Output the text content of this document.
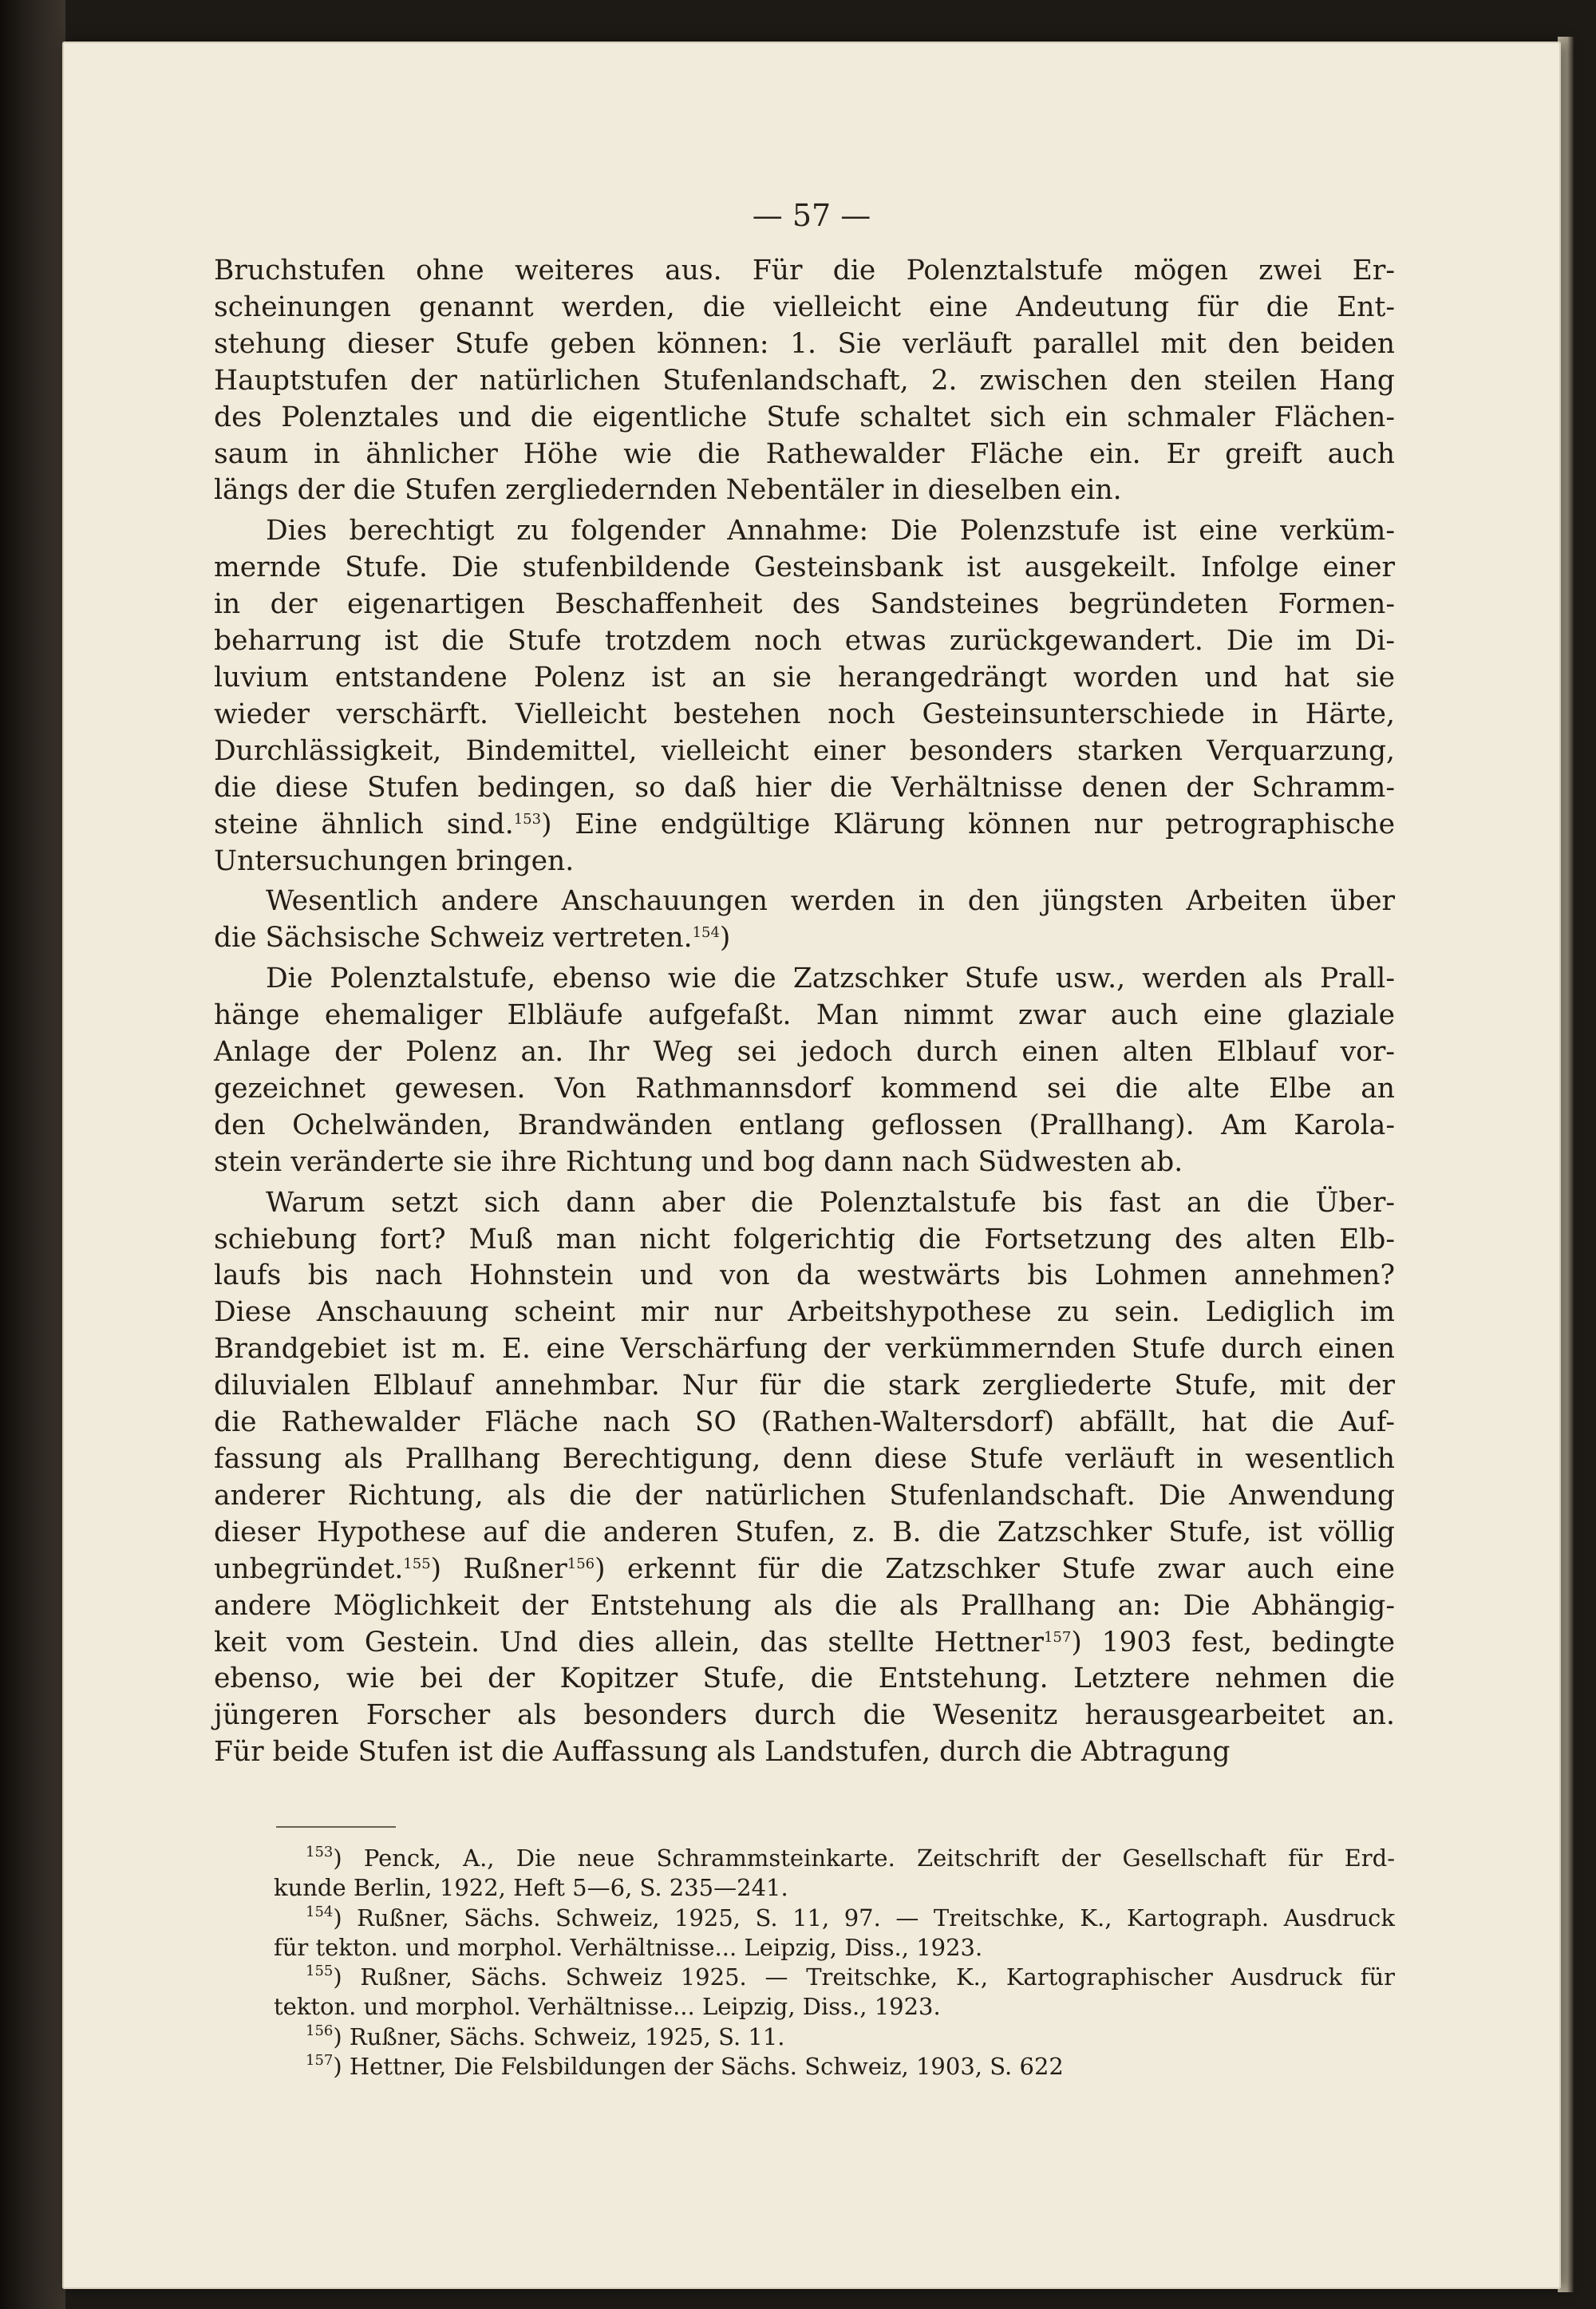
— 57 —

Bruchstufen ohne weiteres aus. Für die Polenztalstufe mögen zwei Er-
scheinungen genannt werden, die vielleicht eine Andeutung für die Ent-
stehung dieser Stufe geben können: 1. Sie verläuft parallel mit den beiden
Hauptstufen der natürlichen Stufenlandschaft, 2. zwischen den steilen Hang
des Polenztales und die eigentliche Stufe schaltet sich ein schmaler Flächen-
saum in ähnlicher Höhe wie die Rathewalder Fläche ein. Er greift auch
längs der die Stufen zergliedernden Nebentäler in dieselben ein.

Dies berechtigt zu folgender Annahme: Die Polenzstufe ist eine verküm-
mernde Stufe. Die stufenbildende Gesteinsbank ist ausgekeilt. Infolge einer
in der eigenartigen Beschaffenheit des Sandsteines begründeten Formen-
beharrung ist die Stufe trotzdem noch etwas zurückgewandert. Die im Di-
luvium entstandene Polenz ist an sie herangedrängt worden und hat sie
wieder verschärft. Vielleicht bestehen noch Gesteinsunterschiede in Härte,
Durchlässigkeit, Bindemittel, vielleicht einer besonders starken Verquarzung,
die diese Stufen bedingen, so daß hier die Verhältnisse denen der Schramm-
steine ähnlich sind.$^{153}$) Eine endgültige Klärung können nur petrographische
Untersuchungen bringen.

Wesentlich andere Anschauungen werden in den jüngsten Arbeiten über
die Sächsische Schweiz vertreten.$^{154}$)

Die Polenztalstufe, ebenso wie die Zatzschker Stufe usw., werden als Prall-
hänge ehemaliger Elbläufe aufgefaßt. Man nimmt zwar auch eine glaziale
Anlage der Polenz an. Ihr Weg sei jedoch durch einen alten Elblauf vor-
gezeichnet gewesen. Von Rathmannsdorf kommend sei die alte Elbe an
den Ochelwänden, Brandwänden entlang geflossen (Prallhang). Am Karola-
stein veränderte sie ihre Richtung und bog dann nach Südwesten ab.

Warum setzt sich dann aber die Polenztalstufe bis fast an die Über-
schiebung fort? Muß man nicht folgerichtig die Fortsetzung des alten Elb-
laufs bis nach Hohnstein und von da westwärts bis Lohmen annehmen?
Diese Anschauung scheint mir nur Arbeitshypothese zu sein. Lediglich im
Brandgebiet ist m. E. eine Verschärfung der verkümmernden Stufe durch einen
diluvialen Elblauf annehmbar. Nur für die stark zergliederte Stufe, mit der
die Rathewalder Fläche nach SO (Rathen-Waltersdorf) abfällt, hat die Auf-
fassung als Prallhang Berechtigung, denn diese Stufe verläuft in wesentlich
anderer Richtung, als die der natürlichen Stufenlandschaft. Die Anwendung
dieser Hypothese auf die anderen Stufen, z. B. die Zatzschker Stufe, ist völlig
unbegründet.$^{155}$) Rußner$^{156}$) erkennt für die Zatzschker Stufe zwar auch eine
andere Möglichkeit der Entstehung als die als Prallhang an: Die Abhängig-
keit vom Gestein. Und dies allein, das stellte Hettner$^{157}$) 1903 fest, bedingte
ebenso, wie bei der Kopitzer Stufe, die Entstehung. Letztere nehmen die
jüngeren Forscher als besonders durch die Wesenitz herausgearbeitet an.
Für beide Stufen ist die Auffassung als Landstufen, durch die Abtragung

$^{153}$) Penck, A., Die neue Schrammsteinkarte. Zeitschrift der Gesellschaft für Erd-
kunde Berlin, 1922, Heft 5—6, S. 235—241.
$^{154}$) Rußner, Sächs. Schweiz, 1925, S. 11, 97. — Treitschke, K., Kartograph. Ausdruck
für tekton. und morphol. Verhältnisse... Leipzig, Diss., 1923.
$^{155}$) Rußner, Sächs. Schweiz 1925. — Treitschke, K., Kartographischer Ausdruck für
tekton. und morphol. Verhältnisse... Leipzig, Diss., 1923.
$^{156}$) Rußner, Sächs. Schweiz, 1925, S. 11.
$^{157}$) Hettner, Die Felsbildungen der Sächs. Schweiz, 1903, S. 622
